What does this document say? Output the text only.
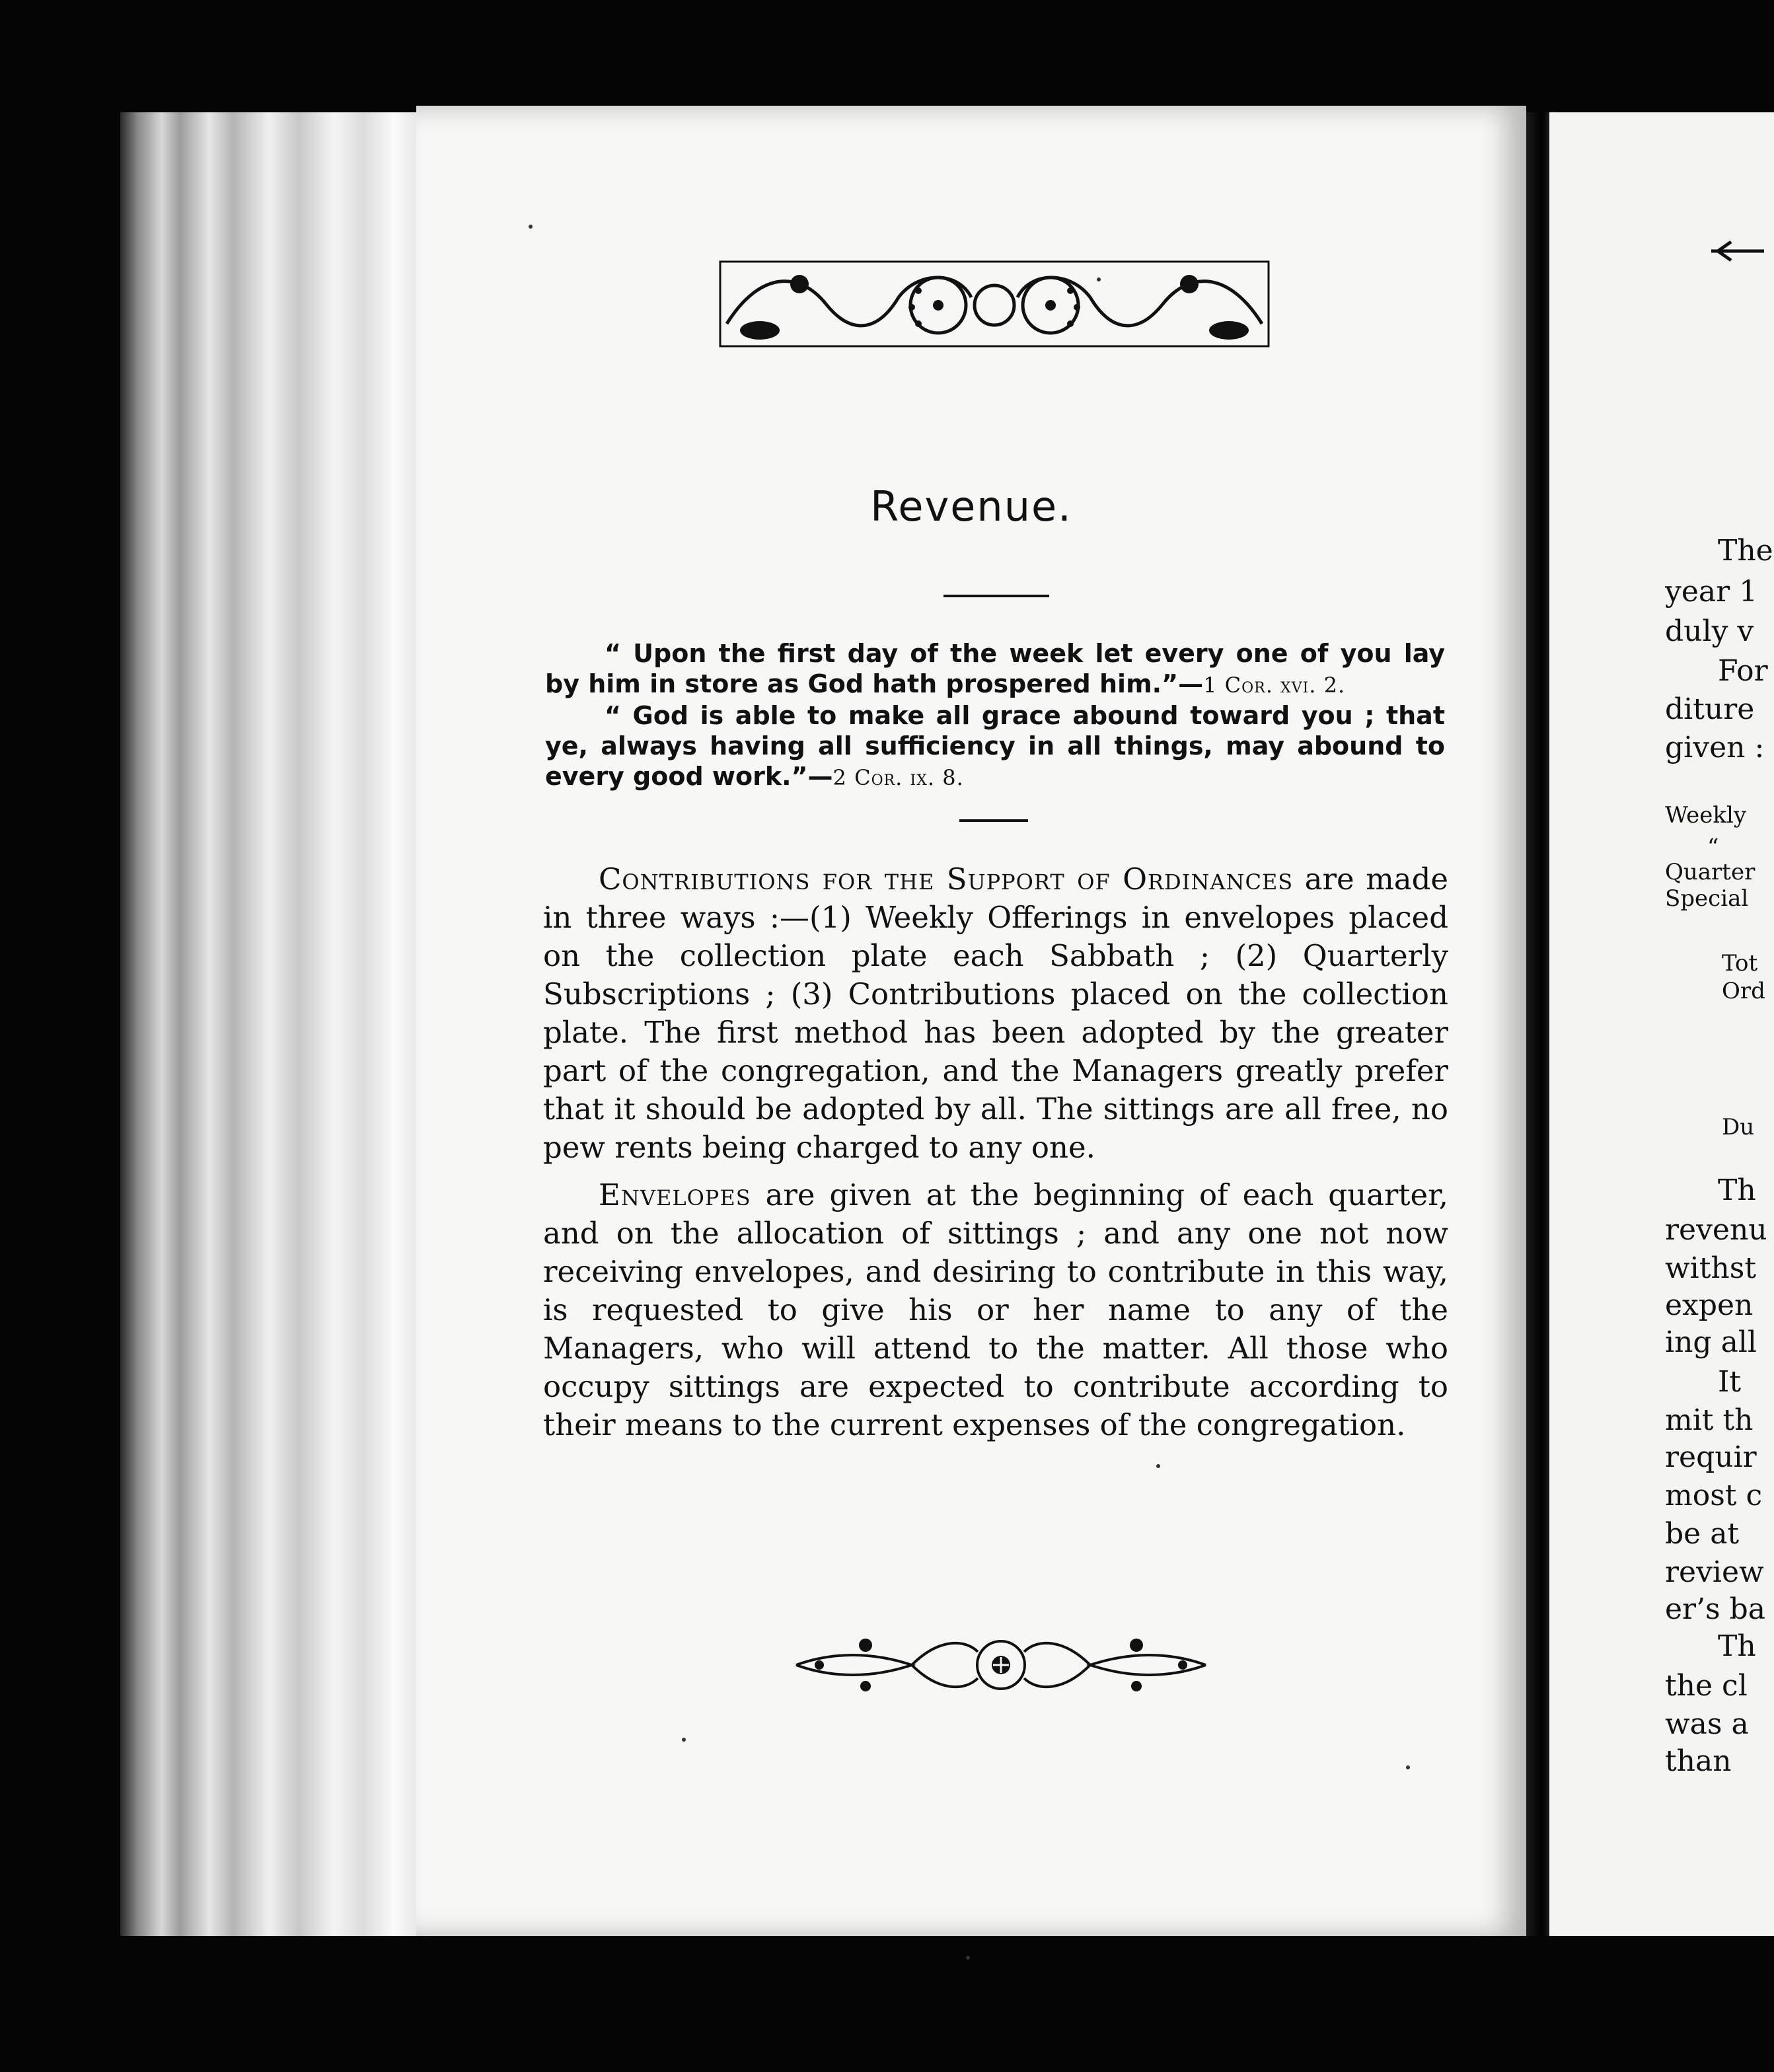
Revenue.

“ Upon the first day of the week let every one of you lay by him in store as God hath prospered him.”—1 Cor. xvi. 2.

“ God is able to make all grace abound toward you ; that ye, always having all sufficiency in all things, may abound to every good work.”—2 Cor. ix. 8.

Contributions for the Support of Ordinances are made in three ways :—(1) Weekly Offerings in envelopes placed on the collection plate each Sabbath ; (2) Quarterly Subscriptions ; (3) Contributions placed on the collection plate. The first method has been adopted by the greater part of the congregation, and the Managers greatly prefer that it should be adopted by all. The sittings are all free, no pew rents being charged to any one.

Envelopes are given at the beginning of each quarter, and on the allocation of sittings ; and any one not now receiving envelopes, and desiring to contribute in this way, is requested to give his or her name to any of the Managers, who will attend to the matter. All those who occupy sittings are expected to contribute according to their means to the current expenses of the congregation.

The
year 1
duly v
For
diture
given :
Weekly
“
Quarter
Special
Tot
Ord
Du
Th
revenu
withst
expen
ing all
It
mit th
requir
most c
be at
review
er’s ba
Th
the cl
was a
than
